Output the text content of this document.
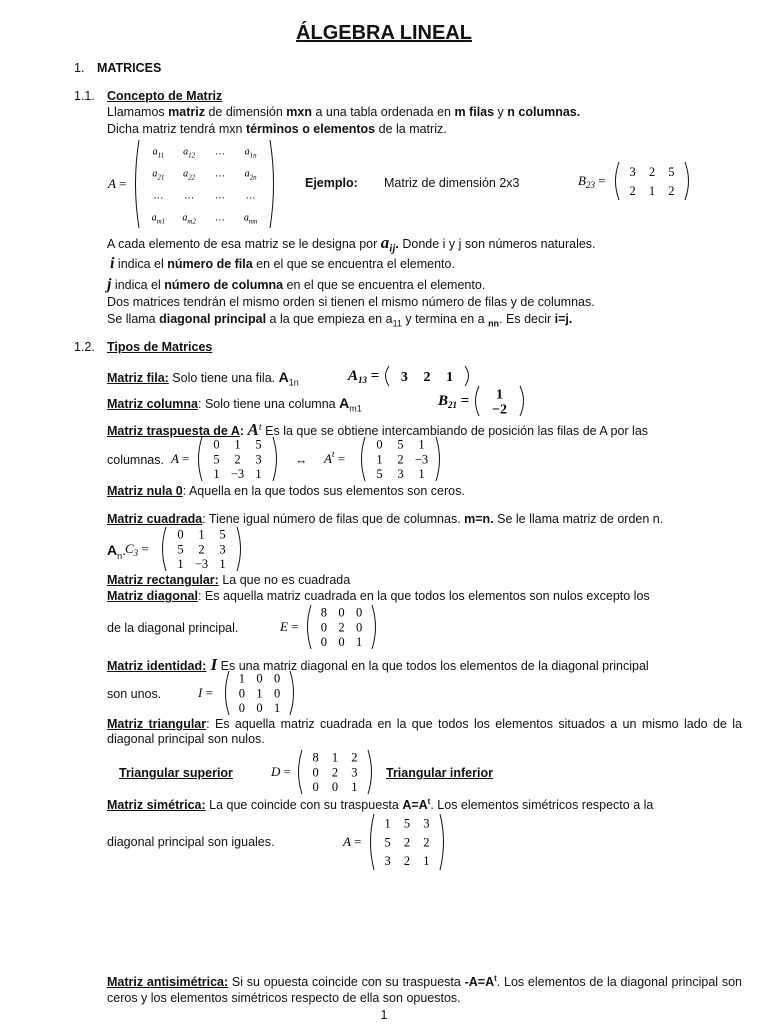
ÁLGEBRA LINEAL
1. MATRICES
1.1. Concepto de Matriz
Llamamos matriz de dimensión mxn a una tabla ordenada en m filas y n columnas.
Dicha matriz tendrá mxn términos o elementos de la matriz.
A =
$a_{11}$ $a_{12}$ … $a_{1n}$
$a_{21}$ $a_{22}$ … $a_{2n}$
… … … …
$a_{m1}$ $a_{m2}$ … $a_{mn}$
Ejemplo: Matriz de dimensión 2x3	$B_{23}$ =
3 2 5
2 1 2
A cada elemento de esa matriz se le designa por $a_{ij}$. Donde i y j son números naturales.
i indica el número de fila en el que se encuentra el elemento.
j indica el número de columna en el que se encuentra el elemento.
Dos matrices tendrán el mismo orden si tienen el mismo número de filas y de columnas.
Se llama diagonal principal a la que empieza en $a_{11}$ y termina en a $_{nn}$. Es decir i=j.
1.2. Tipos de Matrices
Matriz fila: Solo tiene una fila. $A_{1n}$	$A_{13} = 3$ 2 1
Matriz columna: Solo tiene una columna $A_{m1}$	$B_{21} = 1$
−2
Matriz traspuesta de A: $A^t$ Es la que se obtiene intercambiando de posición las filas de A por las
columnas. A =
0 1 5
5 2 3
1 −3 1
↔ $A^t$ =
0 5 1
1 2 −3
5 3 1
Matriz nula 0: Aquella en la que todos sus elementos son ceros.
Matriz cuadrada: Tiene igual número de filas que de columnas. m=n. Se le llama matriz de orden n.
$A_n$.
$C_3$ =
0 1 5
5 2 3
1 −3 1
Matriz rectangular: La que no es cuadrada
Matriz diagonal: Es aquella matriz cuadrada en la que todos los elementos son nulos excepto los
de la diagonal principal.	E =
8 0 0
0 2 0
0 0 1
Matriz identidad: I Es una matriz diagonal en la que todos los elementos de la diagonal principal
son unos.	I =
1 0 0
0 1 0
0 0 1
Matriz triangular: Es aquella matriz cuadrada en la que todos los elementos situados a un mismo lado de la diagonal principal son nulos.
Triangular superior	D =
8 1 2
0 2 3
0 0 1
Triangular inferior
Matriz simétrica: La que coincide con su traspuesta $A=A^t$. Los elementos simétricos respecto a la
diagonal principal son iguales.	A =
1 5 3
5 2 2
3 2 1
Matriz antisimétrica: Si su opuesta coincide con su traspuesta $-A=A^t$. Los elementos de la diagonal principal son ceros y los elementos simétricos respecto de ella son opuestos.
1
